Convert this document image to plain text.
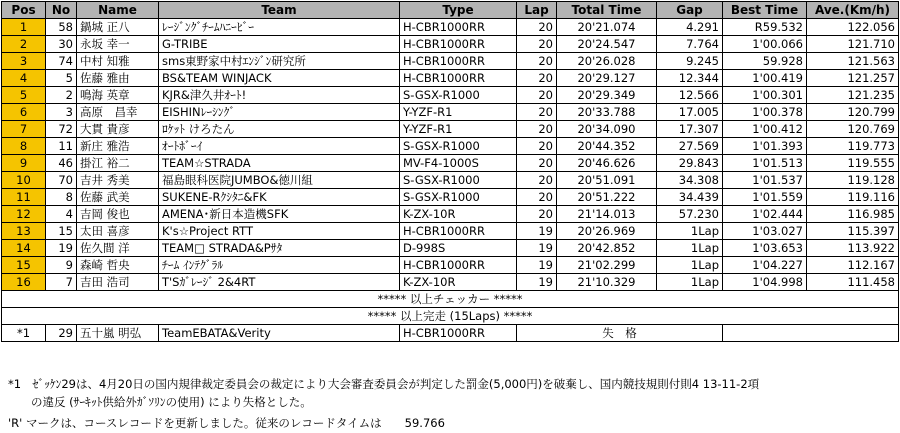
Pos	No	Name	Team	Type	Lap	Total Time	Gap	Best Time	Ave.(Km/h)
1	58	鍋城 正八	ﾚｰｼﾞﾝｸﾞﾁｰﾑﾊﾆｰﾋﾞｰ	H-CBR1000RR	20	20'21.074	4.291	R59.532	122.056
2	30	永坂 幸一	G-TRIBE	H-CBR1000RR	20	20'24.547	7.764	1'00.066	121.710
3	74	中村 知雅	sms東野家中村ｴﾝｼﾞﾝ研究所	H-CBR1000RR	20	20'26.028	9.245	59.928	121.563
4	5	佐藤 雅由	BS&TEAM WINJACK	H-CBR1000RR	20	20'29.127	12.344	1'00.419	121.257
5	2	鳴海 英章	KJR&津久井ｵｰﾄ!	S-GSX-R1000	20	20'29.349	12.566	1'00.301	121.235
6	3	高原　昌幸	EISHINﾚｰｼﾝｸﾞ	Y-YZF-R1	20	20'33.788	17.005	1'00.378	120.799
7	72	大貫 貴彦	ﾛｹｯﾄ けろたん	Y-YZF-R1	20	20'34.090	17.307	1'00.412	120.769
8	11	新庄 雅浩	ｵｰﾄﾎﾞｰｲ	S-GSX-R1000	20	20'44.352	27.569	1'01.393	119.773
9	46	掛江 裕二	TEAM☆STRADA	MV-F4-1000S	20	20'46.626	29.843	1'01.513	119.555
10	70	吉井 秀美	福島眼科医院JUMBO&徳川組	S-GSX-R1000	20	20'51.091	34.308	1'01.537	119.128
11	8	佐藤 武美	SUKENE-Rｸｼﾀﾆ&FK	S-GSX-R1000	20	20'51.222	34.439	1'01.559	119.116
12	4	吉岡 俊也	AMENA･新日本造機SFK	K-ZX-10R	20	21'14.013	57.230	1'02.444	116.985
13	15	太田 喜彦	K's☆Project RTT	H-CBR1000RR	19	20'26.969	1Lap	1'03.027	115.397
14	19	佐久間 洋	TEAM□ STRADA&Pｻﾀ	D-998S	19	20'42.852	1Lap	1'03.653	113.922
15	9	森崎 哲央	ﾁｰﾑ ｲﾝﾃｸﾞﾗﾙ	H-CBR1000RR	19	21'02.299	1Lap	1'04.227	112.167
16	7	吉田 浩司	T'Sｶﾞﾚｰｼﾞ 2&4RT	K-ZX-10R	19	21'10.329	1Lap	1'04.998	111.458
***** 以上チェッカー *****									
***** 以上完走 (15Laps) *****									
*1	29	五十嵐 明弘	TeamEBATA&Verity	H-CBR1000RR	失　格				
*1　ｾﾞｯｹﾝ29は、4月20日の国内規律裁定委員会の裁定により大会審査委員会が判定した罰金(5,000円)を破棄し、国内競技規則付則4 13-11-2項
　　の違反 (ｻｰｷｯﾄ供給外ｶﾞｿﾘﾝの使用) により失格とした。
'R' マークは、コースレコードを更新しました。従来のレコードタイムは　　59.766
